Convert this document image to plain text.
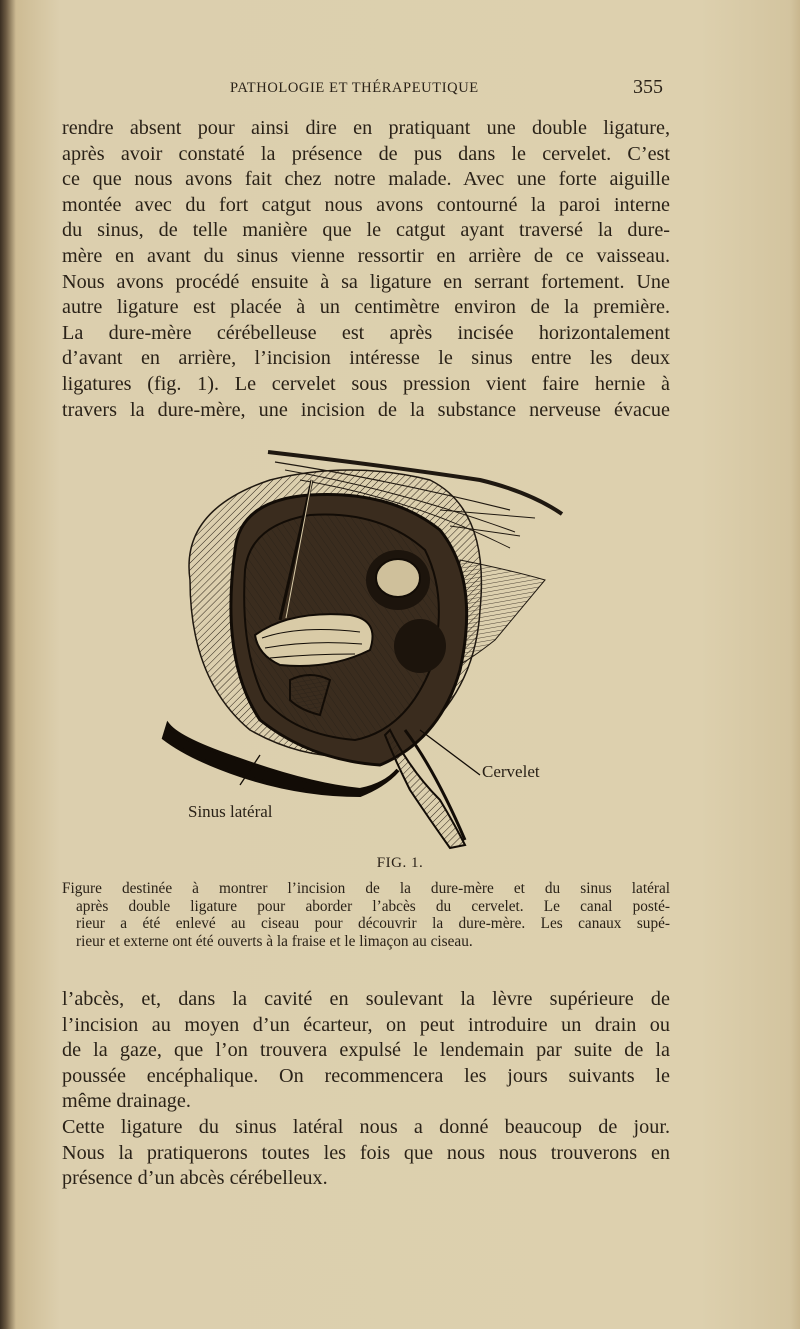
PATHOLOGIE ET THÉRAPEUTIQUE	355
rendre absent pour ainsi dire en pratiquant une double ligature,
après avoir constaté la présence de pus dans le cervelet. C’est
ce que nous avons fait chez notre malade. Avec une forte aiguille
montée avec du fort catgut nous avons contourné la paroi interne
du sinus, de telle manière que le catgut ayant traversé la dure-
mère en avant du sinus vienne ressortir en arrière de ce vaisseau.
Nous avons procédé ensuite à sa ligature en serrant fortement. Une
autre ligature est placée à un centimètre environ de la première.
La dure-mère cérébelleuse est après incisée horizontalement
d’avant en arrière, l’incision intéresse le sinus entre les deux
ligatures (fig. 1). Le cervelet sous pression vient faire hernie à
travers la dure-mère, une incision de la substance nerveuse évacue
Cervelet
Sinus latéral
FIG. 1.
Figure destinée à montrer l’incision de la dure-mère et du sinus latéral
après double ligature pour aborder l’abcès du cervelet. Le canal posté-
rieur a été enlevé au ciseau pour découvrir la dure-mère. Les canaux supé-
rieur et externe ont été ouverts à la fraise et le limaçon au ciseau.
l’abcès, et, dans la cavité en soulevant la lèvre supérieure de
l’incision au moyen d’un écarteur, on peut introduire un drain ou
de la gaze, que l’on trouvera expulsé le lendemain par suite de la
poussée encéphalique. On recommencera les jours suivants le
même drainage.
Cette ligature du sinus latéral nous a donné beaucoup de jour.
Nous la pratiquerons toutes les fois que nous nous trouverons en
présence d’un abcès cérébelleux.
